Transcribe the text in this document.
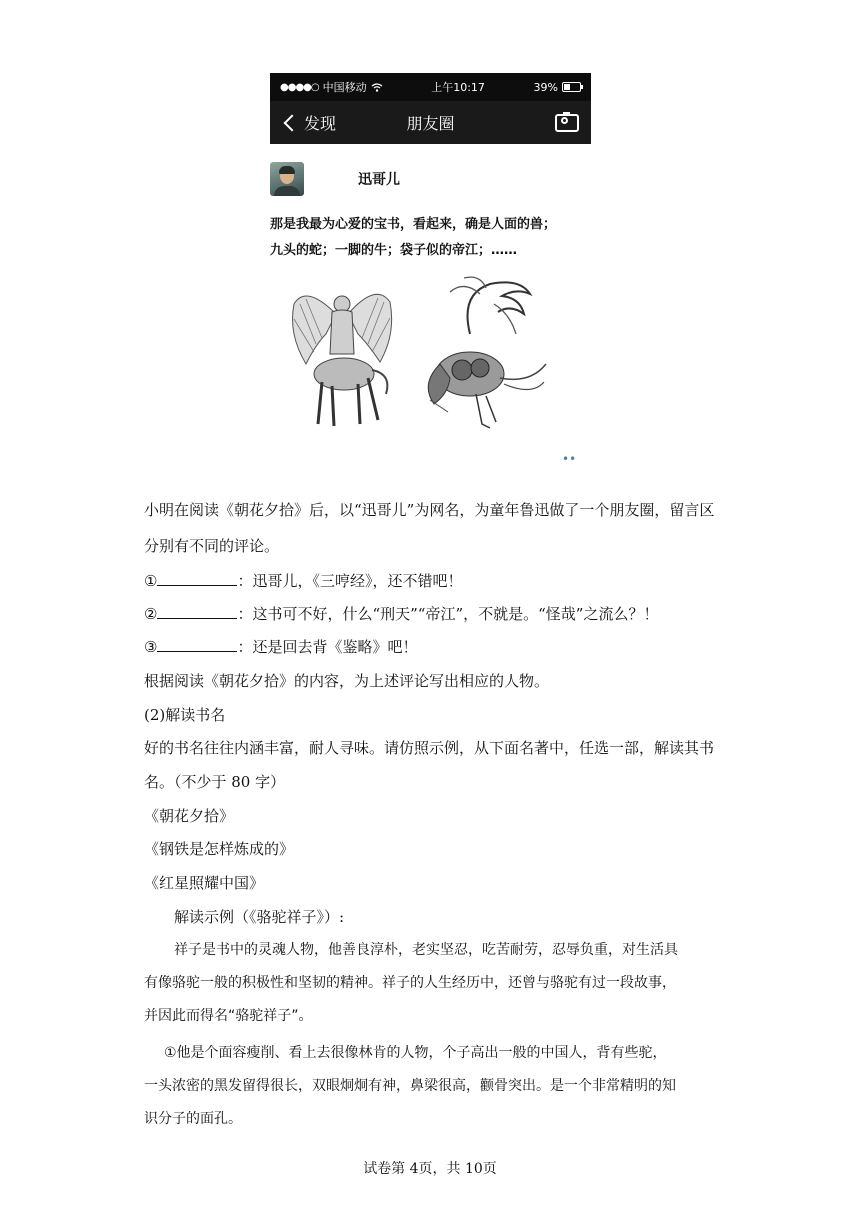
●●●●○ 中国移动	上午10:17	39%
发现	朋友圈
迅哥儿
那是我最为心爱的宝书，看起来，确是人面的兽；
九头的蛇；一脚的牛；袋子似的帝江；……
••
小明在阅读《朝花夕拾》后，以“迅哥儿”为网名，为童年鲁迅做了一个朋友圈，留言区
分别有不同的评论。
①	：迅哥儿，《三哼经》，还不错吧！
②	：这书可不好，什么“刑天”“帝江”，不就是。“怪哉”之流么？！
③	：还是回去背《鉴略》吧！
根据阅读《朝花夕拾》的内容，为上述评论写出相应的人物。
(2)解读书名
好的书名往往内涵丰富，耐人寻味。请仿照示例，从下面名著中，任选一部，解读其书
名。（不少于 80 字）
《朝花夕拾》
《钢铁是怎样炼成的》
《红星照耀中国》
解读示例（《骆驼祥子》）:
祥子是书中的灵魂人物，他善良淳朴，老实坚忍，吃苦耐劳，忍辱负重，对生活具
有像骆驼一般的积极性和坚韧的精神。祥子的人生经历中，还曾与骆驼有过一段故事，
并因此而得名“骆驼祥子”。
①他是个面容瘦削、看上去很像林肯的人物，个子高出一般的中国人，背有些驼，
一头浓密的黑发留得很长，双眼炯炯有神，鼻梁很高，颧骨突出。是一个非常精明的知
识分子的面孔。
试卷第 4页，共 10页
